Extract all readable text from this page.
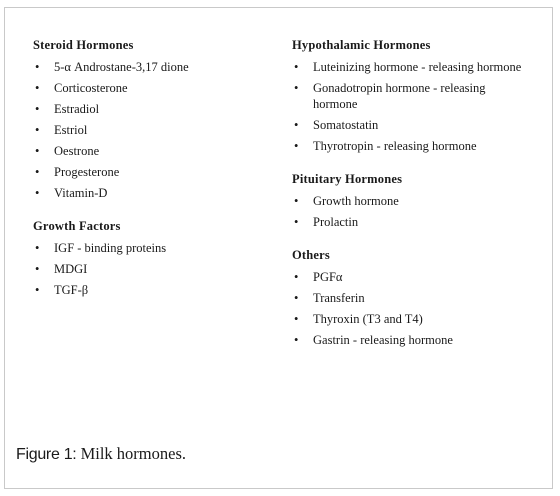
Steroid Hormones
• 5-α Androstane-3,17 dione
• Corticosterone
• Estradiol
• Estriol
• Oestrone
• Progesterone
• Vitamin-D
Growth Factors
• IGF - binding proteins
• MDGI
• TGF-β
Hypothalamic Hormones
• Luteinizing hormone - releasing hormone
• Gonadotropin hormone - releasing hormone
• Somatostatin
• Thyrotropin - releasing hormone
Pituitary Hormones
• Growth hormone
• Prolactin
Others
• PGFα
• Transferin
• Thyroxin (T3 and T4)
• Gastrin - releasing hormone
Figure 1: Milk hormones.
